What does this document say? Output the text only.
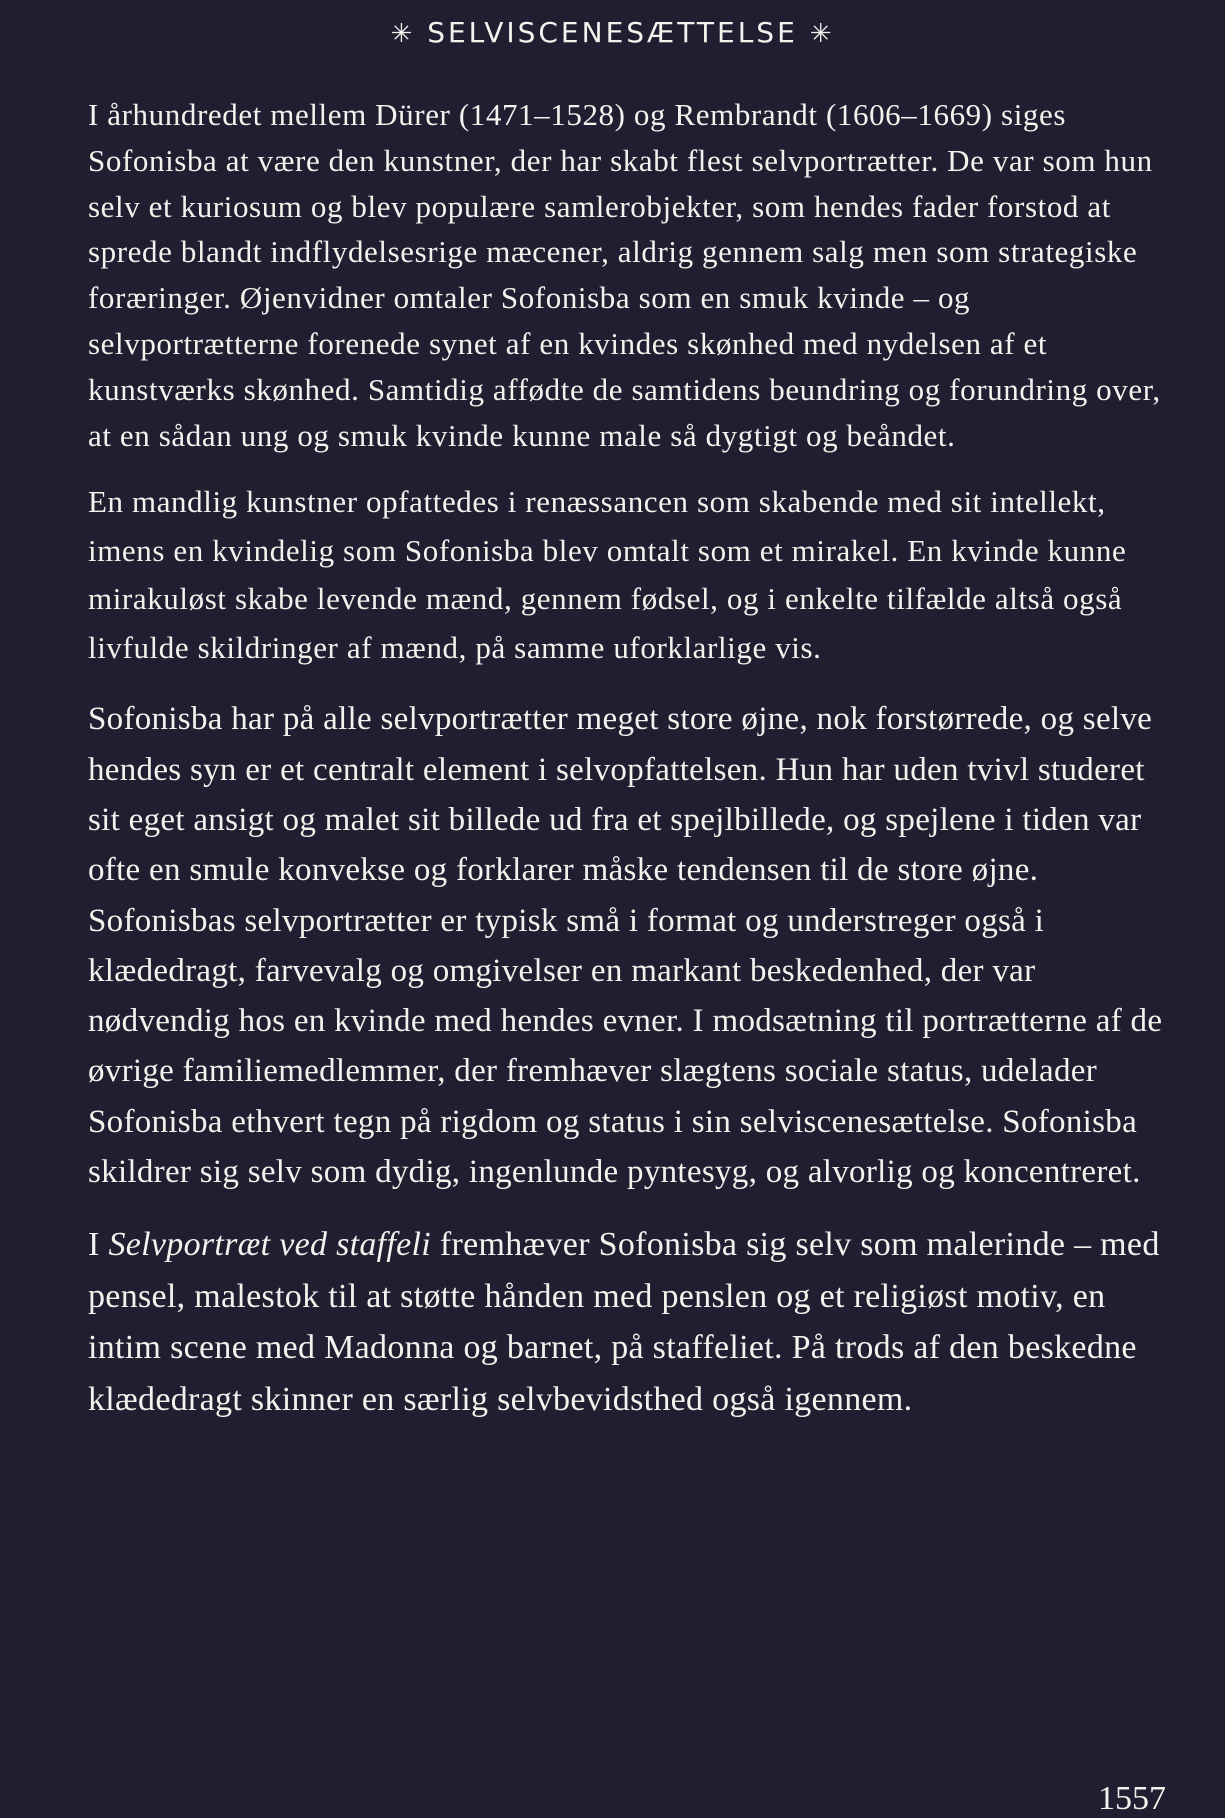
✳ SELVISCENESÆTTELSE ✳

I århundredet mellem Dürer (1471–1528) og Rembrandt (1606–1669) siges Sofonisba at være den kunstner, der har skabt flest selvportrætter. De var som hun selv et kuriosum og blev populære samlerobjekter, som hendes fader forstod at sprede blandt indflydelsesrige mæcener, aldrig gennem salg men som strategiske foræringer. Øjenvidner omtaler Sofonisba som en smuk kvinde – og selvportrætterne forenede synet af en kvindes skønhed med nydelsen af et kunstværks skønhed. Samtidig affødte de samtidens beundring og forundring over, at en sådan ung og smuk kvinde kunne male så dygtigt og beåndet.

En mandlig kunstner opfattedes i renæssancen som skabende med sit intellekt, imens en kvindelig som Sofonisba blev omtalt som et mirakel. En kvinde kunne mirakuløst skabe levende mænd, gennem fødsel, og i enkelte tilfælde altså også livfulde skildringer af mænd, på samme uforklarlige vis.

Sofonisba har på alle selvportrætter meget store øjne, nok forstørrede, og selve hendes syn er et centralt element i selvopfattelsen. Hun har uden tvivl studeret sit eget ansigt og malet sit billede ud fra et spejlbillede, og spejlene i tiden var ofte en smule konvekse og forklarer måske tendensen til de store øjne. Sofonisbas selvportrætter er typisk små i format og understreger også i klædedragt, farvevalg og omgivelser en markant beskedenhed, der var nødvendig hos en kvinde med hendes evner. I modsætning til portrætterne af de øvrige familiemedlemmer, der fremhæver slægtens sociale status, udelader Sofonisba ethvert tegn på rigdom og status i sin selviscenesættelse. Sofonisba skildrer sig selv som dydig, ingenlunde pyntesyg, og alvorlig og koncentreret.

I Selvportræt ved staffeli fremhæver Sofonisba sig selv som malerinde – med pensel, malestok til at støtte hånden med penslen og et religiøst motiv, en intim scene med Madonna og barnet, på staffeliet. På trods af den beskedne klædedragt skinner en særlig selvbevidsthed også igennem.

1557
